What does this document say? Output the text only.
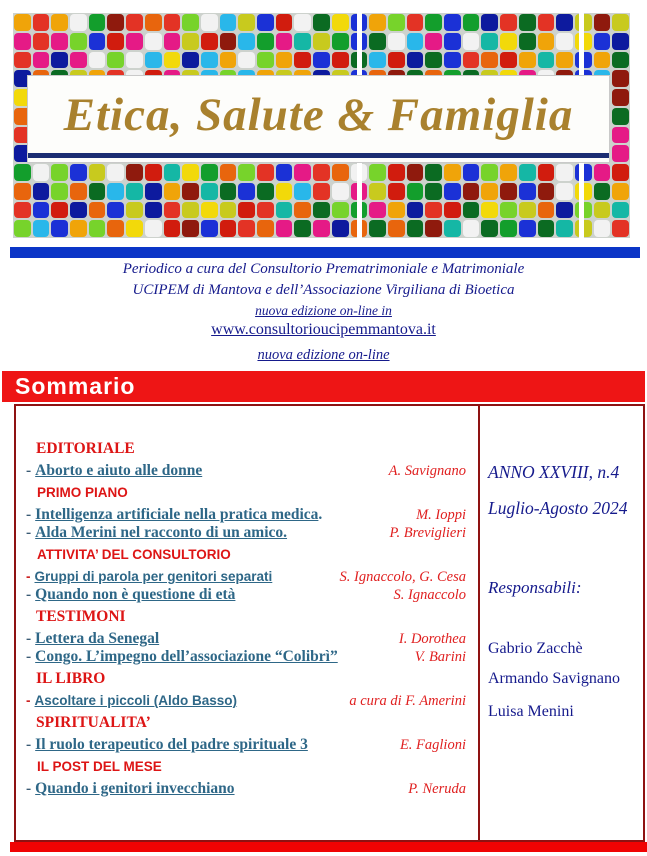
Etica, Salute & Famiglia
Periodico a cura del Consultorio Prematrimoniale e Matrimoniale
UCIPEM di Mantova e dell’Associazione Virgiliana di Bioetica
nuova edizione on-line in
www.consultorioucipemmantova.it
nuova edizione on-line
Sommario
EDITORIALE
- Aborto e aiuto alle donne	A. Savignano
PRIMO PIANO
- Intelligenza artificiale nella pratica medica .	M. Ioppi
- Alda Merini nel racconto di un amico.	P. Breviglieri
ATTIVITA’ DEL CONSULTORIO
- Gruppi di parola per genitori separati	S. Ignaccolo, G. Cesa
- Quando non è questione di età	S. Ignaccolo
TESTIMONI
- Lettera da Senegal	I. Dorothea
- Congo. L’impegno dell’associazione “Colibrì”	V. Barini
IL LIBRO
- Ascoltare i piccoli (Aldo Basso)	a cura di F. Amerini
SPIRITUALITA’
- Il ruolo terapeutico del padre spirituale 3	E. Faglioni
IL POST DEL MESE
- Quando i genitori invecchiano	P. Neruda
ANNO XXVIII, n.4
Luglio-Agosto 2024
Responsabili:
Gabrio Zacchè
Armando Savignano
Luisa Menini
